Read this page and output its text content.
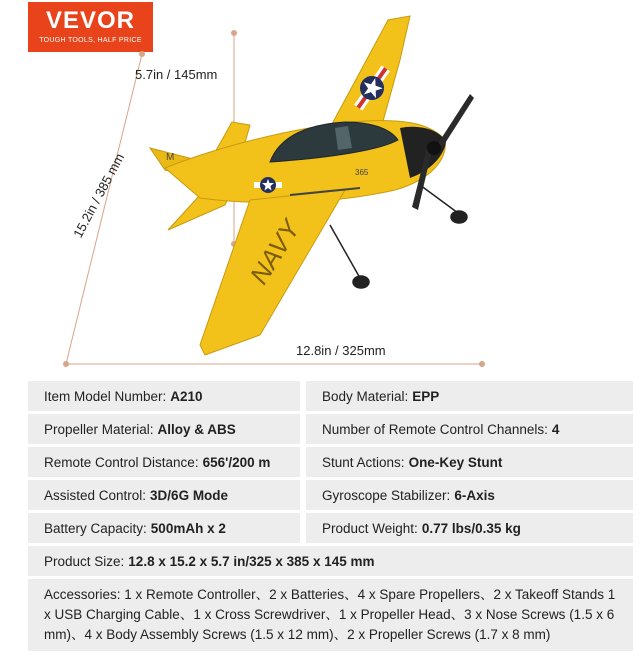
VEVOR
TOUGH TOOLS, HALF PRICE
NAVY
365
M
5.7in / 145mm
15.2in / 385 mm
12.8in / 325mm
Item Model Number: A210	Body Material: EPP
Propeller Material: Alloy & ABS	Number of Remote Control Channels: 4
Remote Control Distance: 656'/200 m	Stunt Actions: One-Key Stunt
Assisted Control: 3D/6G Mode	Gyroscope Stabilizer: 6-Axis
Battery Capacity: 500mAh x 2	Product Weight: 0.77 lbs/0.35 kg
Product Size: 12.8 x 15.2 x 5.7 in/325 x 385 x 145 mm
Accessories: 1 x Remote Controller、2 x Batteries、4 x Spare Propellers、2 x Takeoff Stands 1 x USB Charging Cable、1 x Cross Screwdriver、1 x Propeller Head、3 x Nose Screws (1.5 x 6 mm)、4 x Body Assembly Screws (1.5 x 12 mm)、2 x Propeller Screws (1.7 x 8 mm)
